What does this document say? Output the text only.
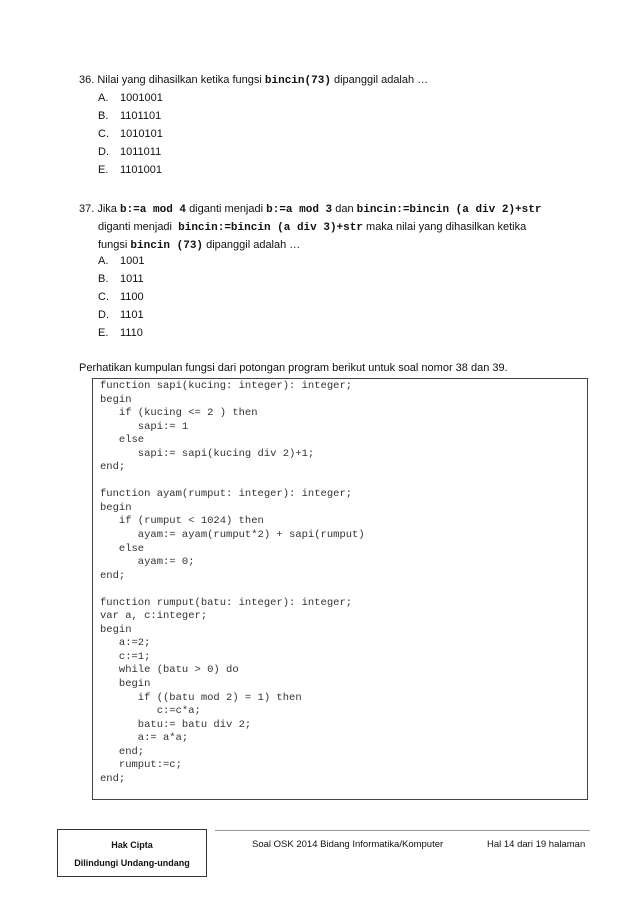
36. Nilai yang dihasilkan ketika fungsi bincin(73) dipanggil adalah …
A. 1001001
B. 1101101
C. 1010101
D. 1011011
E. 1101001
37. Jika b:=a mod 4 diganti menjadi b:=a mod 3 dan bincin:=bincin (a div 2)+str
diganti menjadi bincin:=bincin (a div 3)+str maka nilai yang dihasilkan ketika
fungsi bincin (73) dipanggil adalah …
A. 1001
B. 1011
C. 1100
D. 1101
E. 1110
Perhatikan kumpulan fungsi dari potongan program berikut untuk soal nomor 38 dan 39.
function sapi(kucing: integer): integer;
begin
if (kucing <= 2 ) then
sapi:= 1
else
sapi:= sapi(kucing div 2)+1;
end;

function ayam(rumput: integer): integer;
begin
if (rumput < 1024) then
ayam:= ayam(rumput*2) + sapi(rumput)
else
ayam:= 0;
end;

function rumput(batu: integer): integer;
var a, c:integer;
begin
a:=2;
c:=1;
while (batu > 0) do
begin
if ((batu mod 2) = 1) then
c:=c*a;
batu:= batu div 2;
a:= a*a;
end;
rumput:=c;
end;
Hak Cipta
Dilindungi Undang-undang
Soal OSK 2014 Bidang Informatika/Komputer	Hal 14 dari 19 halaman
